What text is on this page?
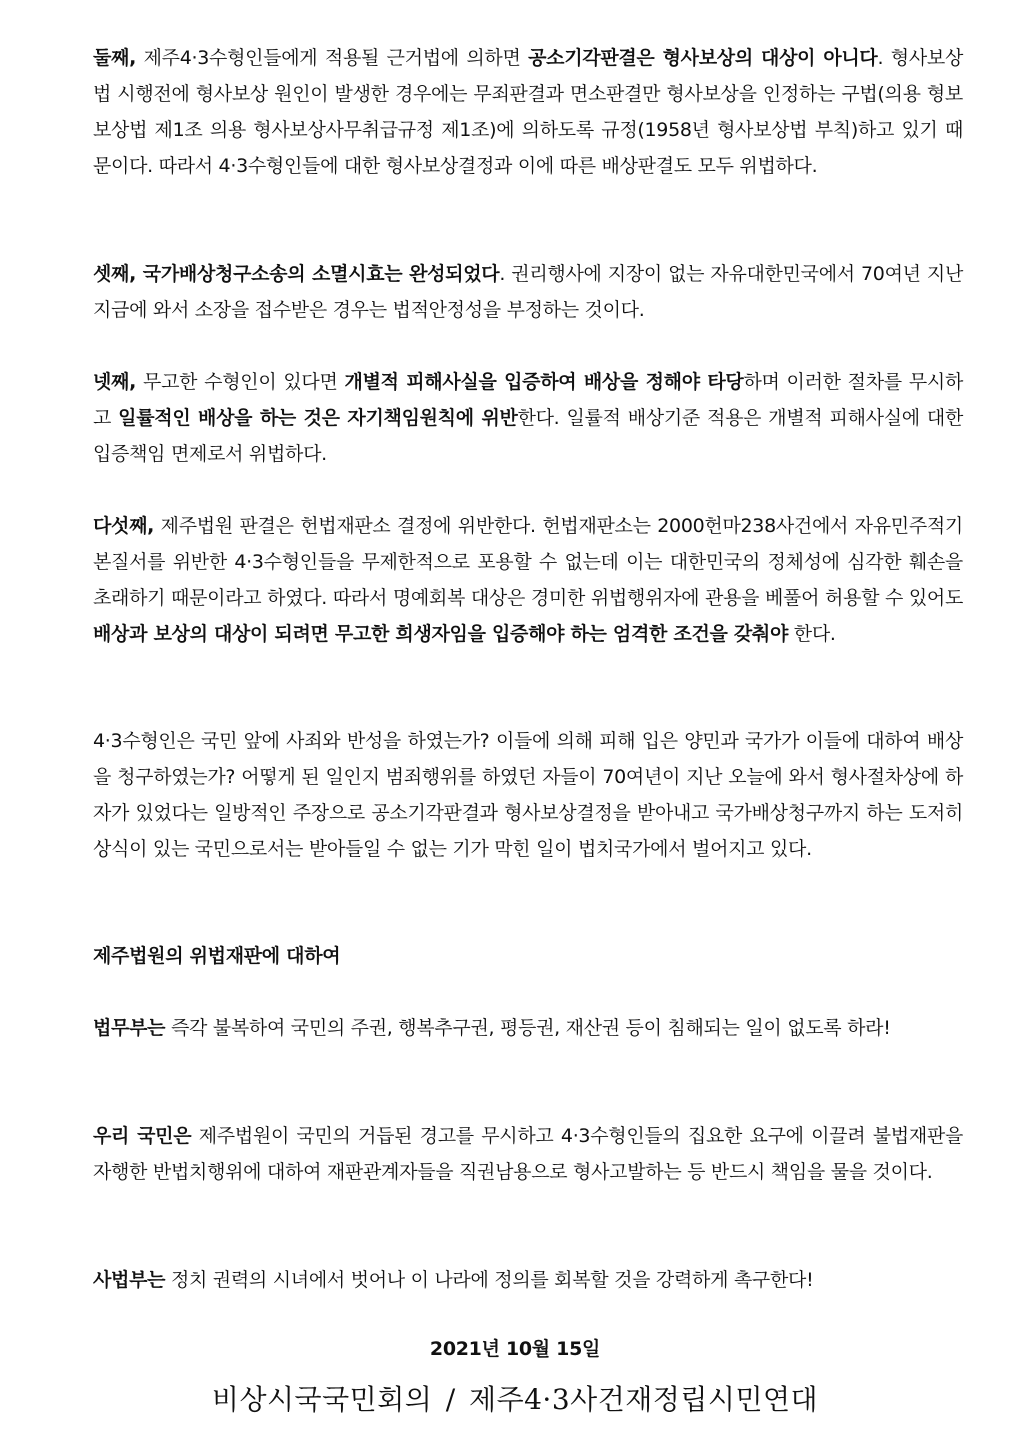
둘째, 제주4·3수형인들에게 적용될 근거법에 의하면 공소기각판결은 형사보상의 대상이 아니다. 형사보상법 시행전에 형사보상 원인이 발생한 경우에는 무죄판결과 면소판결만 형사보상을 인정하는 구법(의용 형보보상법 제1조 의용 형사보상사무취급규정 제1조)에 의하도록 규정(1958년 형사보상법 부칙)하고 있기 때문이다. 따라서 4·3수형인들에 대한 형사보상결정과 이에 따른 배상판결도 모두 위법하다.

셋째, 국가배상청구소송의 소멸시효는 완성되었다. 권리행사에 지장이 없는 자유대한민국에서 70여년 지난 지금에 와서 소장을 접수받은 경우는 법적안정성을 부정하는 것이다.

넷째, 무고한 수형인이 있다면 개별적 피해사실을 입증하여 배상을 정해야 타당하며 이러한 절차를 무시하고 일률적인 배상을 하는 것은 자기책임원칙에 위반한다. 일률적 배상기준 적용은 개별적 피해사실에 대한 입증책임 면제로서 위법하다.

다섯째, 제주법원 판결은 헌법재판소 결정에 위반한다. 헌법재판소는 2000헌마238사건에서 자유민주적기본질서를 위반한 4·3수형인들을 무제한적으로 포용할 수 없는데 이는 대한민국의 정체성에 심각한 훼손을 초래하기 때문이라고 하였다. 따라서 명예회복 대상은 경미한 위법행위자에 관용을 베풀어 허용할 수 있어도 배상과 보상의 대상이 되려면 무고한 희생자임을 입증해야 하는 엄격한 조건을 갖춰야 한다.

4·3수형인은 국민 앞에 사죄와 반성을 하였는가? 이들에 의해 피해 입은 양민과 국가가 이들에 대하여 배상을 청구하였는가? 어떻게 된 일인지 범죄행위를 하였던 자들이 70여년이 지난 오늘에 와서 형사절차상에 하자가 있었다는 일방적인 주장으로 공소기각판결과 형사보상결정을 받아내고 국가배상청구까지 하는 도저히 상식이 있는 국민으로서는 받아들일 수 없는 기가 막힌 일이 법치국가에서 벌어지고 있다.

제주법원의 위법재판에 대하여

법무부는 즉각 불복하여 국민의 주권, 행복추구권, 평등권, 재산권 등이 침해되는 일이 없도록 하라!

우리 국민은 제주법원이 국민의 거듭된 경고를 무시하고 4·3수형인들의 집요한 요구에 이끌려 불법재판을 자행한 반법치행위에 대하여 재판관계자들을 직권남용으로 형사고발하는 등 반드시 책임을 물을 것이다.

사법부는 정치 권력의 시녀에서 벗어나 이 나라에 정의를 회복할 것을 강력하게 촉구한다!

2021년 10월 15일
비상시국국민회의 / 제주4·3사건재정립시민연대
